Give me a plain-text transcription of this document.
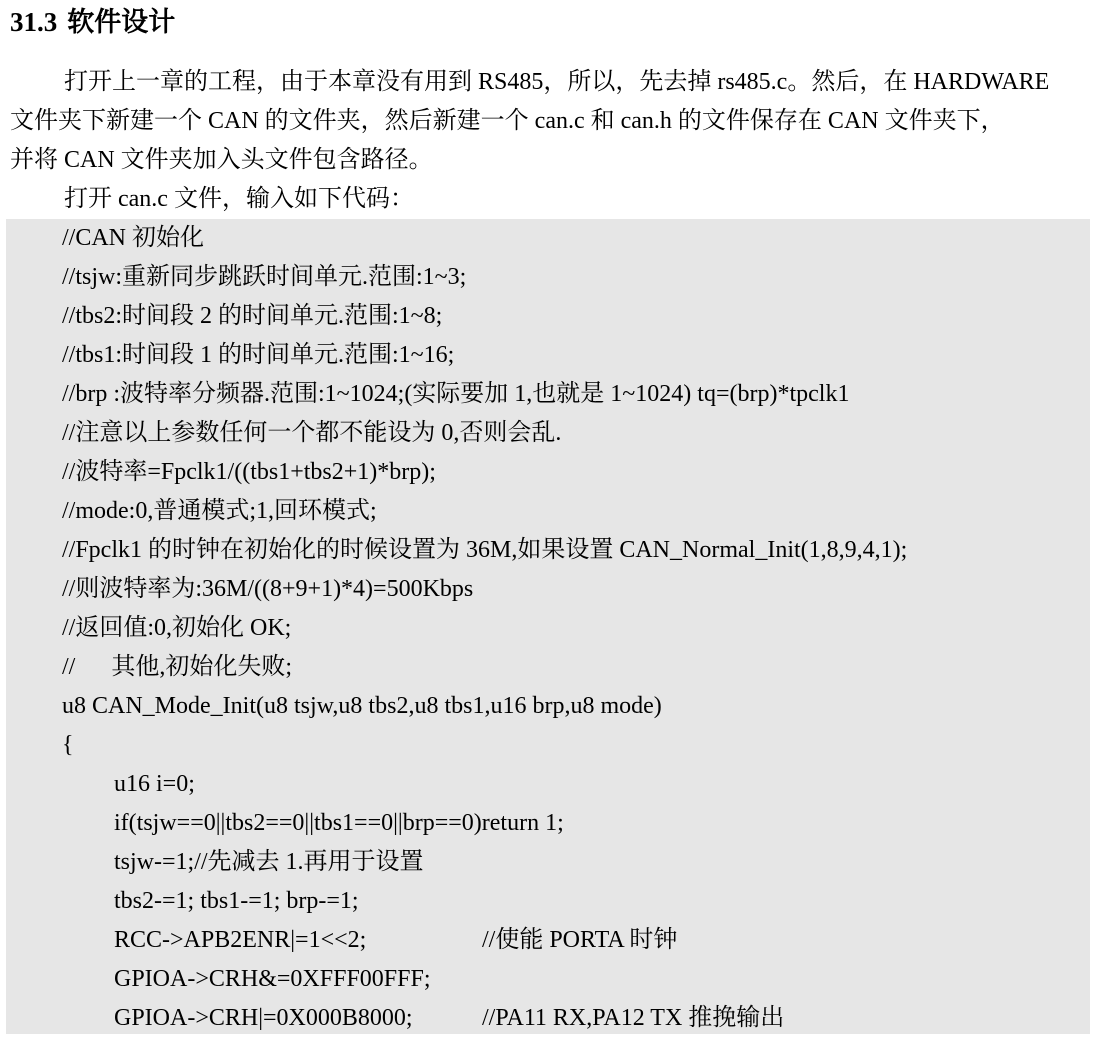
31.3 软件设计
打开上一章的工程，由于本章没有用到 RS485，所以，先去掉 rs485.c。然后，在 HARDWARE
文件夹下新建一个 CAN 的文件夹，然后新建一个 can.c 和 can.h 的文件保存在 CAN 文件夹下，
并将 CAN 文件夹加入头文件包含路径。
打开 can.c 文件，输入如下代码：
//CAN 初始化
//tsjw:重新同步跳跃时间单元.范围:1~3;
//tbs2:时间段 2 的时间单元.范围:1~8;
//tbs1:时间段 1 的时间单元.范围:1~16;
//brp :波特率分频器.范围:1~1024;(实际要加 1,也就是 1~1024) tq=(brp)*tpclk1
//注意以上参数任何一个都不能设为 0,否则会乱.
//波特率=Fpclk1/((tbs1+tbs2+1)*brp);
//mode:0,普通模式;1,回环模式;
//Fpclk1 的时钟在初始化的时候设置为 36M,如果设置 CAN_Normal_Init(1,8,9,4,1);
//则波特率为:36M/((8+9+1)*4)=500Kbps
//返回值:0,初始化 OK;
//      其他,初始化失败;
u8 CAN_Mode_Init(u8 tsjw,u8 tbs2,u8 tbs1,u16 brp,u8 mode)
{
u16 i=0;
if(tsjw==0||tbs2==0||tbs1==0||brp==0)return 1;
tsjw-=1;//先减去 1.再用于设置
tbs2-=1; tbs1-=1; brp-=1;
RCC->APB2ENR|=1<<2;	//使能 PORTA 时钟
GPIOA->CRH&=0XFFF00FFF;
GPIOA->CRH|=0X000B8000;	//PA11 RX,PA12 TX 推挽输出
